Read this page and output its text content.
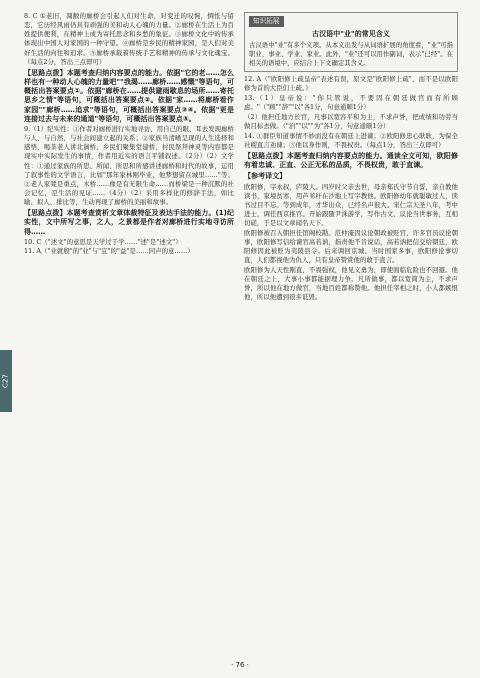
C27

8. C ①老旧，凋敝的廊桥会引起人们对生命、对变迁的叹惋，惆怅与留恋，它历经风雨仍具有顽强的美和动人心魄的力量。②廊桥在生活上为百姓提供便利，在精神上成为寄托思念和乡愁的象征。③廊桥文化中的传承体现出中国人对家国的一种守望。④廊桥是乡民的精神家园，是人们对美好生活的向往和追求。⑤廊桥承载着传统手艺和精神的传承与文化魂宝。（每点2分，答出三点即可）

【思路点拨】本题考查归纳内容要点的能力。依据"它的老……怎么样也有一种动人心魄的力量吧""我渴……廊桥……感慨"等语句，可概括出答案要点①。依据"廊桥在……提供避雨歇息的场所……寄托思乡之情"等语句，可概括出答案要点②。依据"家……将廊桥看作家园""廊桥……追求"等语句，可概括出答案要点③④。依据"更是连接过去与未来的通道"等语句，可概括出答案要点⑤。

9.（1）纪实性：①作者对廊桥进行实地寻访，用自己的眼、耳去发现廊桥与人、与自然、与社会间建立起的关系；②家族当清晰呈现的人生选择和感悟，喝茶老人讲北涧桥、乡民们聚集堂建桥、村民祭拜神灵等内容都是现实中实际发生的事情，作者用近实的语言平铺叙述。（2分）（2）文学性：①通过家族的所思、所闻、所思和所感讲述廊桥和时代的故事，运用了叙事性的文学语言，比如"那年家林刚毕业，他梦想留在城里……"等；②老人家凳是重点，木桥……像是有无限生命……而桥梁是一种沉默的社会记忆，是生活的见证……（4分）（2）采用多样化的修辞手法，如比喻、拟人、排比等，生动再现了廊桥的美丽和故事。

【思路点拨】本题考查赏析文章体裁特征及表达手法的能力。(1)纪实性，文中所写之事，之人，之景都是作者对廊桥进行实地寻访所得……

10. C（"述文"的意思是天学过于学……"述"是"述文"）

11. A（"业就殷"的"业"与"宜"的"益"是……同声的意……）

知识拓展
古汉语中"业"的常见含义
古汉语中"业"有多个义项。从本义出发与从词语扩展的角度看，"业"可指职业、事业、学业、家业。此外，"业"还可以用作副词，表示"已经"。在相关的语境中，应结合上下文确定其含义。

12. A（"欧阳修上疏皇帝"表述有误，原文是"欧阳修上疏"，而不是以欧阳修为首的大臣们上疏。）

13.（1）皇帝说："你只管说，不要因在朝廷做官而有所顾虑。"（"顾""辞""以"各1分，句意通顺1分）

（2）他担任地方长官，凡事以宽容平和为主，不求声誉，把成绩和功劳当做目标去做。（"治""以""为"各1分，句意通顺1分）

14. ①群臣知道事情不妙而没有在朝廷上进谏；②欧阳修忠心耿耿，为保全社稷直言劝谏；③他以身作则，不畏权贵。（每点1分，答出三点即可）

【思路点拨】本题考查归纳内容要点的能力。通读全文可知，欧阳修有着忠诚、正直、公正无私的品质，不畏权贵，敢于直谏。

【参考译文】

欧阳修，字永叔，庐陵人。四岁时父亲去世，母亲郑氏守节自誓，亲自教他读书，家境贫寒，用芦苇秆在沙地上写字教他。欧阳修幼年就聪敏过人，读书过目不忘。等到成年，才华出众，已经名声很大。宋仁宗天圣八年，考中进士，调任西京推官。开始跟随尹洙游学，写作古文，议论当世事务，互相切磋，于是以文章闻名天下。

欧阳修被召入朝担任馆阁校勘。范仲淹因议论朝政被贬官，许多官员议论朝事，欧阳修写信给谏官高若讷，指责他不肯说话，高若讷把信交给朝廷，欧阳修因此被贬为夷陵县令。后来调回京城。当时国家多事，欧阳修论事切直，人们都视他为仇人，只有皇帝赞赏他的敢于直言。

欧阳修为人天性刚直，不畏强权，他见义勇为，即使面临危险也不回避。他在朝廷之上，大事小事都能据理力争。凡所做事，都以宽简为主，不求声誉，所以他在地方做官，当地百姓都称赞他。他担任宰相之时，小人都嫉恨他，所以他遭到很多诋毁。

· 76 ·
